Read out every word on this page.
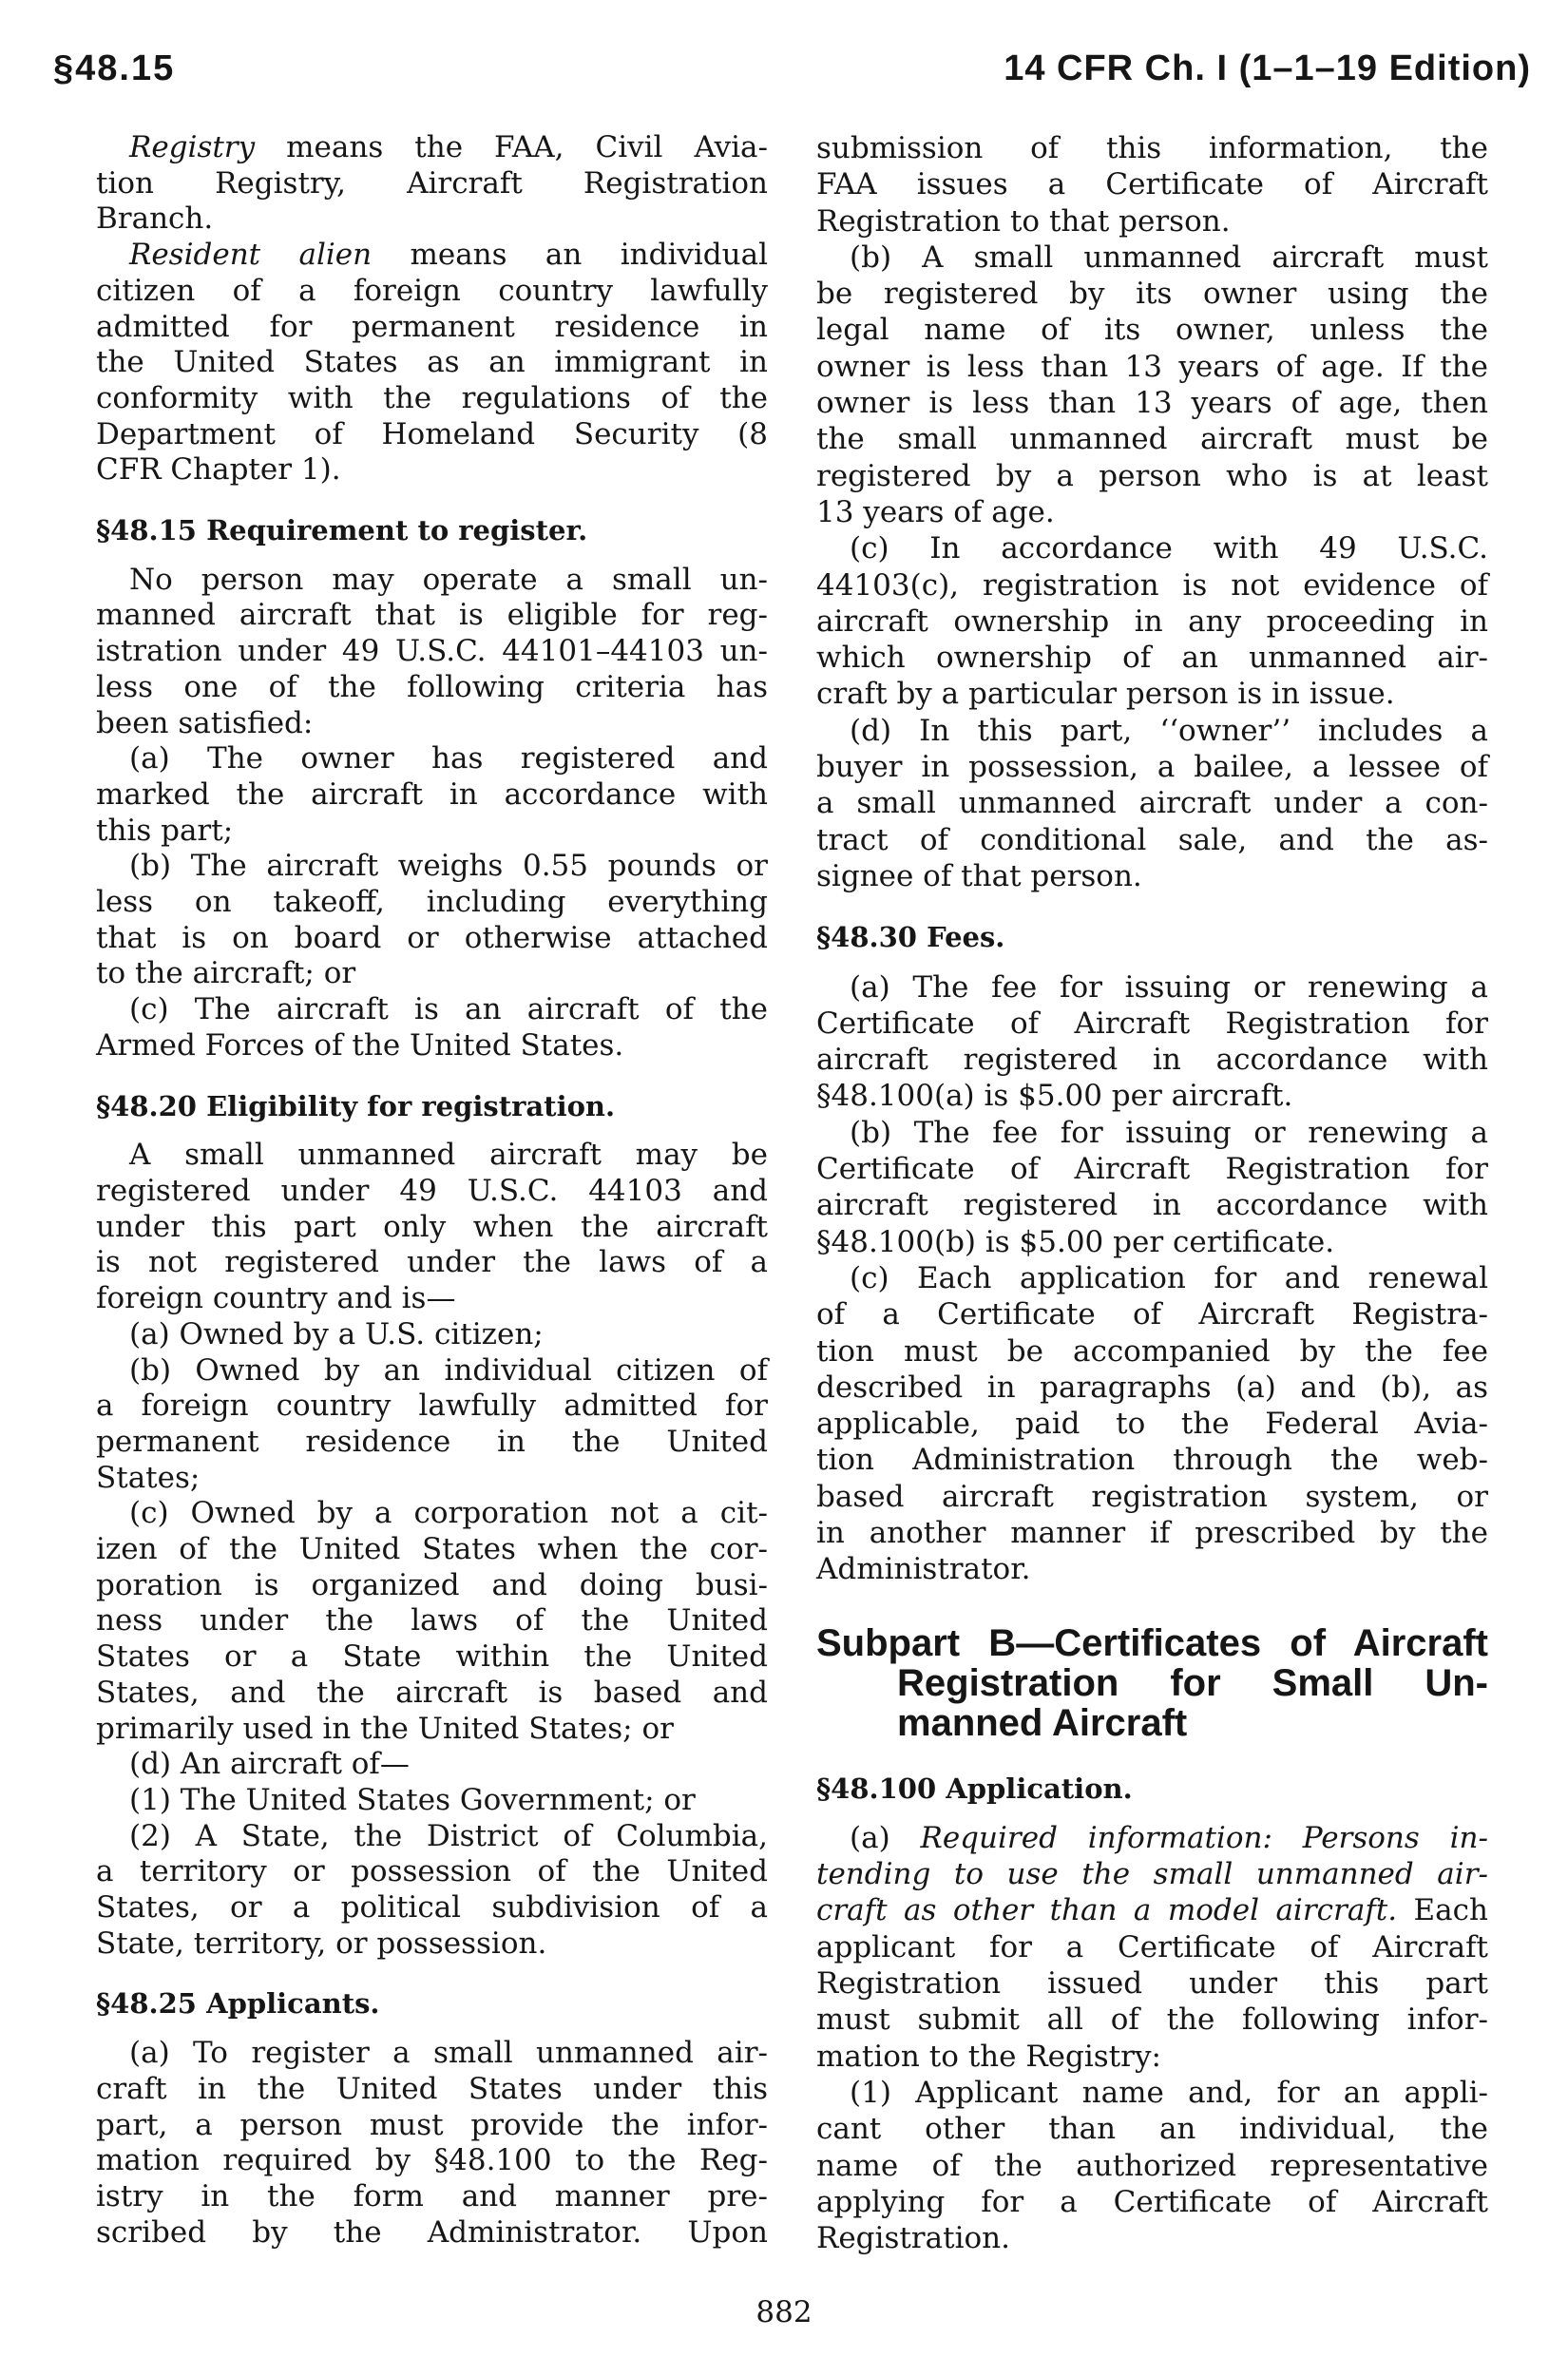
§48.15	14 CFR Ch. I (1–1–19 Edition)
Registry means the FAA, Civil Avia-
tion Registry, Aircraft Registration
Branch.
Resident alien means an individual
citizen of a foreign country lawfully
admitted for permanent residence in
the United States as an immigrant in
conformity with the regulations of the
Department of Homeland Security (8
CFR Chapter 1).
§48.15 Requirement to register.
No person may operate a small un-
manned aircraft that is eligible for reg-
istration under 49 U.S.C. 44101–44103 un-
less one of the following criteria has
been satisfied:
(a) The owner has registered and
marked the aircraft in accordance with
this part;
(b) The aircraft weighs 0.55 pounds or
less on takeoff, including everything
that is on board or otherwise attached
to the aircraft; or
(c) The aircraft is an aircraft of the
Armed Forces of the United States.
§48.20 Eligibility for registration.
A small unmanned aircraft may be
registered under 49 U.S.C. 44103 and
under this part only when the aircraft
is not registered under the laws of a
foreign country and is—
(a) Owned by a U.S. citizen;
(b) Owned by an individual citizen of
a foreign country lawfully admitted for
permanent residence in the United
States;
(c) Owned by a corporation not a cit-
izen of the United States when the cor-
poration is organized and doing busi-
ness under the laws of the United
States or a State within the United
States, and the aircraft is based and
primarily used in the United States; or
(d) An aircraft of—
(1) The United States Government; or
(2) A State, the District of Columbia,
a territory or possession of the United
States, or a political subdivision of a
State, territory, or possession.
§48.25 Applicants.
(a) To register a small unmanned air-
craft in the United States under this
part, a person must provide the infor-
mation required by §48.100 to the Reg-
istry in the form and manner pre-
scribed by the Administrator. Upon
submission of this information, the
FAA issues a Certificate of Aircraft
Registration to that person.
(b) A small unmanned aircraft must
be registered by its owner using the
legal name of its owner, unless the
owner is less than 13 years of age. If the
owner is less than 13 years of age, then
the small unmanned aircraft must be
registered by a person who is at least
13 years of age.
(c) In accordance with 49 U.S.C.
44103(c), registration is not evidence of
aircraft ownership in any proceeding in
which ownership of an unmanned air-
craft by a particular person is in issue.
(d) In this part, ‘‘owner’’ includes a
buyer in possession, a bailee, a lessee of
a small unmanned aircraft under a con-
tract of conditional sale, and the as-
signee of that person.
§48.30 Fees.
(a) The fee for issuing or renewing a
Certificate of Aircraft Registration for
aircraft registered in accordance with
§48.100(a) is $5.00 per aircraft.
(b) The fee for issuing or renewing a
Certificate of Aircraft Registration for
aircraft registered in accordance with
§48.100(b) is $5.00 per certificate.
(c) Each application for and renewal
of a Certificate of Aircraft Registra-
tion must be accompanied by the fee
described in paragraphs (a) and (b), as
applicable, paid to the Federal Avia-
tion Administration through the web-
based aircraft registration system, or
in another manner if prescribed by the
Administrator.
Subpart B—Certificates of Aircraft
Registration for Small Un-
manned Aircraft
§48.100 Application.
(a) Required information: Persons in-
tending to use the small unmanned air-
craft as other than a model aircraft. Each
applicant for a Certificate of Aircraft
Registration issued under this part
must submit all of the following infor-
mation to the Registry:
(1) Applicant name and, for an appli-
cant other than an individual, the
name of the authorized representative
applying for a Certificate of Aircraft
Registration.
882
